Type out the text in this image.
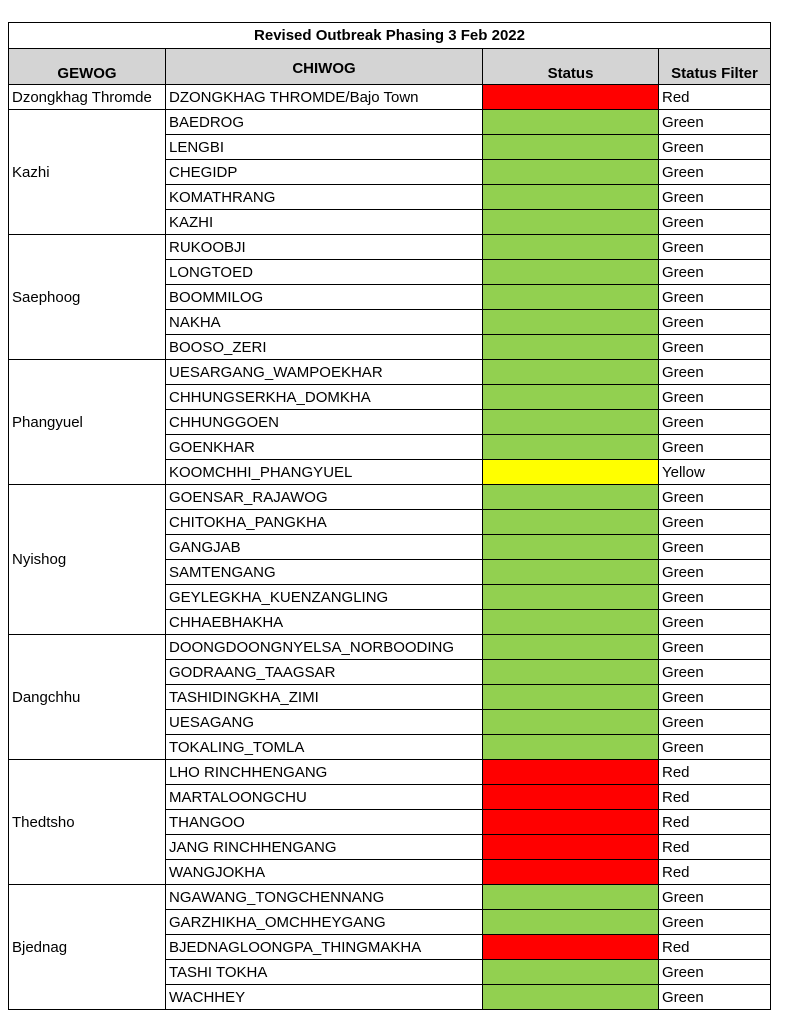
Revised Outbreak Phasing 3 Feb 2022			
GEWOG	CHIWOG	Status	Status Filter
Dzongkhag Thromde	DZONGKHAG THROMDE/Bajo Town		Red
Kazhi	BAEDROG		Green
	LENGBI		Green
	CHEGIDP		Green
	KOMATHRANG		Green
	KAZHI		Green
Saephoog	RUKOOBJI		Green
	LONGTOED		Green
	BOOMMILOG		Green
	NAKHA		Green
	BOOSO_ZERI		Green
Phangyuel	UESARGANG_WAMPOEKHAR		Green
	CHHUNGSERKHA_DOMKHA		Green
	CHHUNGGOEN		Green
	GOENKHAR		Green
	KOOMCHHI_PHANGYUEL		Yellow
Nyishog	GOENSAR_RAJAWOG		Green
	CHITOKHA_PANGKHA		Green
	GANGJAB		Green
	SAMTENGANG		Green
	GEYLEGKHA_KUENZANGLING		Green
	CHHAEBHAKHA		Green
Dangchhu	DOONGDOONGNYELSA_NORBOODING		Green
	GODRAANG_TAAGSAR		Green
	TASHIDINGKHA_ZIMI		Green
	UESAGANG		Green
	TOKALING_TOMLA		Green
Thedtsho	LHO RINCHHENGANG		Red
	MARTALOONGCHU		Red
	THANGOO		Red
	JANG RINCHHENGANG		Red
	WANGJOKHA		Red
Bjednag	NGAWANG_TONGCHENNANG		Green
	GARZHIKHA_OMCHHEYGANG		Green
	BJEDNAGLOONGPA_THINGMAKHA		Red
	TASHI TOKHA		Green
	WACHHEY		Green
